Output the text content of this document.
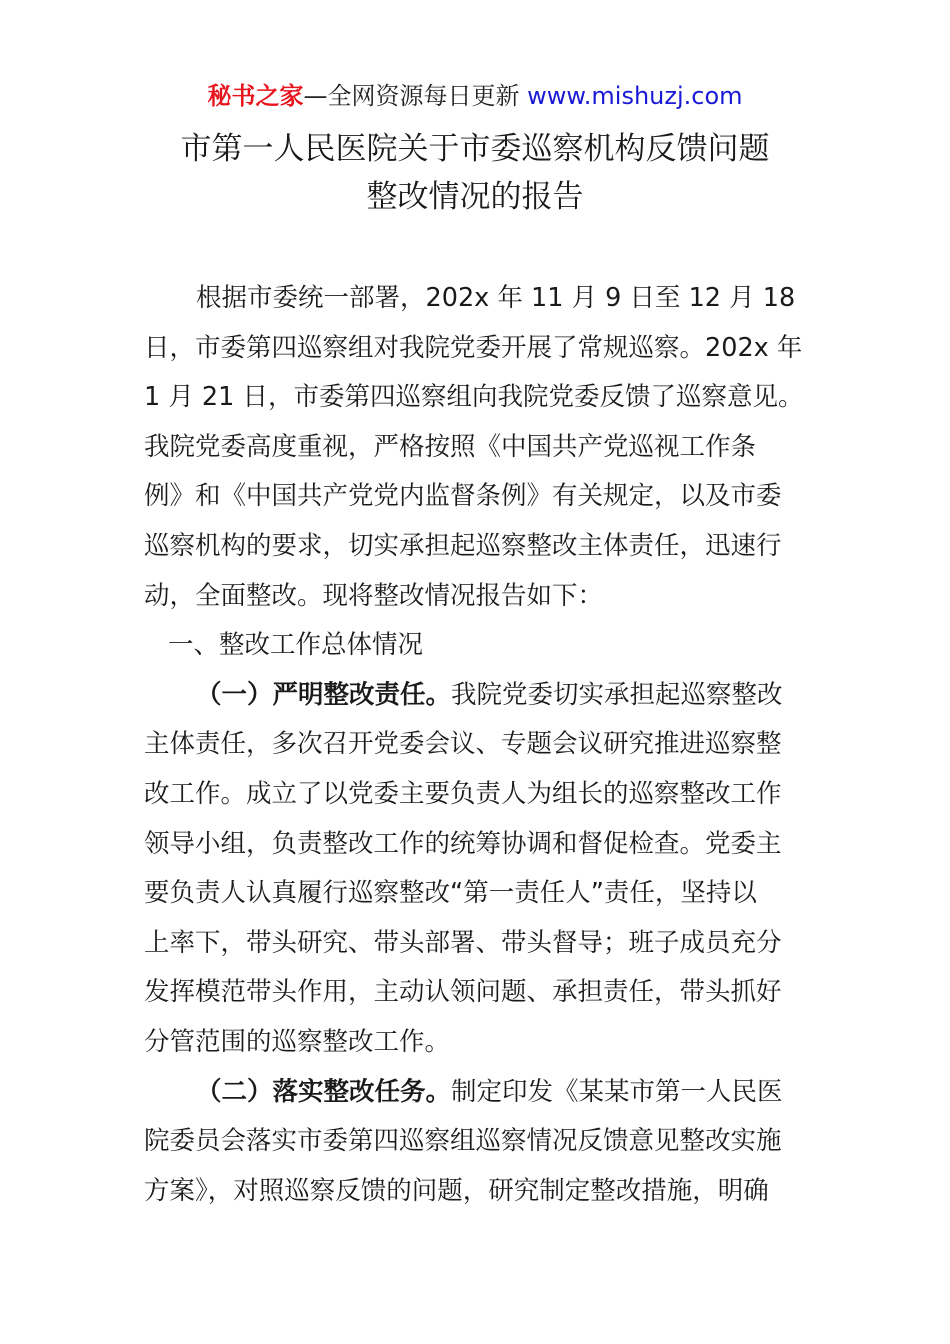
秘书之家—全网资源每日更新 www.mishuzj.com
市第一人民医院关于市委巡察机构反馈问题
整改情况的报告
根据市委统一部署，202x 年 11 月 9 日至 12 月 18
日，市委第四巡察组对我院党委开展了常规巡察。202x 年
1 月 21 日，市委第四巡察组向我院党委反馈了巡察意见。
我院党委高度重视，严格按照《中国共产党巡视工作条
例》和《中国共产党党内监督条例》有关规定，以及市委
巡察机构的要求，切实承担起巡察整改主体责任，迅速行
动，全面整改。现将整改情况报告如下：
一、整改工作总体情况
（一）严明整改责任。我院党委切实承担起巡察整改
主体责任，多次召开党委会议、专题会议研究推进巡察整
改工作。成立了以党委主要负责人为组长的巡察整改工作
领导小组，负责整改工作的统筹协调和督促检查。党委主
要负责人认真履行巡察整改“第一责任人”责任，坚持以
上率下，带头研究、带头部署、带头督导；班子成员充分
发挥模范带头作用，主动认领问题、承担责任，带头抓好
分管范围的巡察整改工作。
（二）落实整改任务。制定印发《某某市第一人民医
院委员会落实市委第四巡察组巡察情况反馈意见整改实施
方案》，对照巡察反馈的问题，研究制定整改措施，明确
